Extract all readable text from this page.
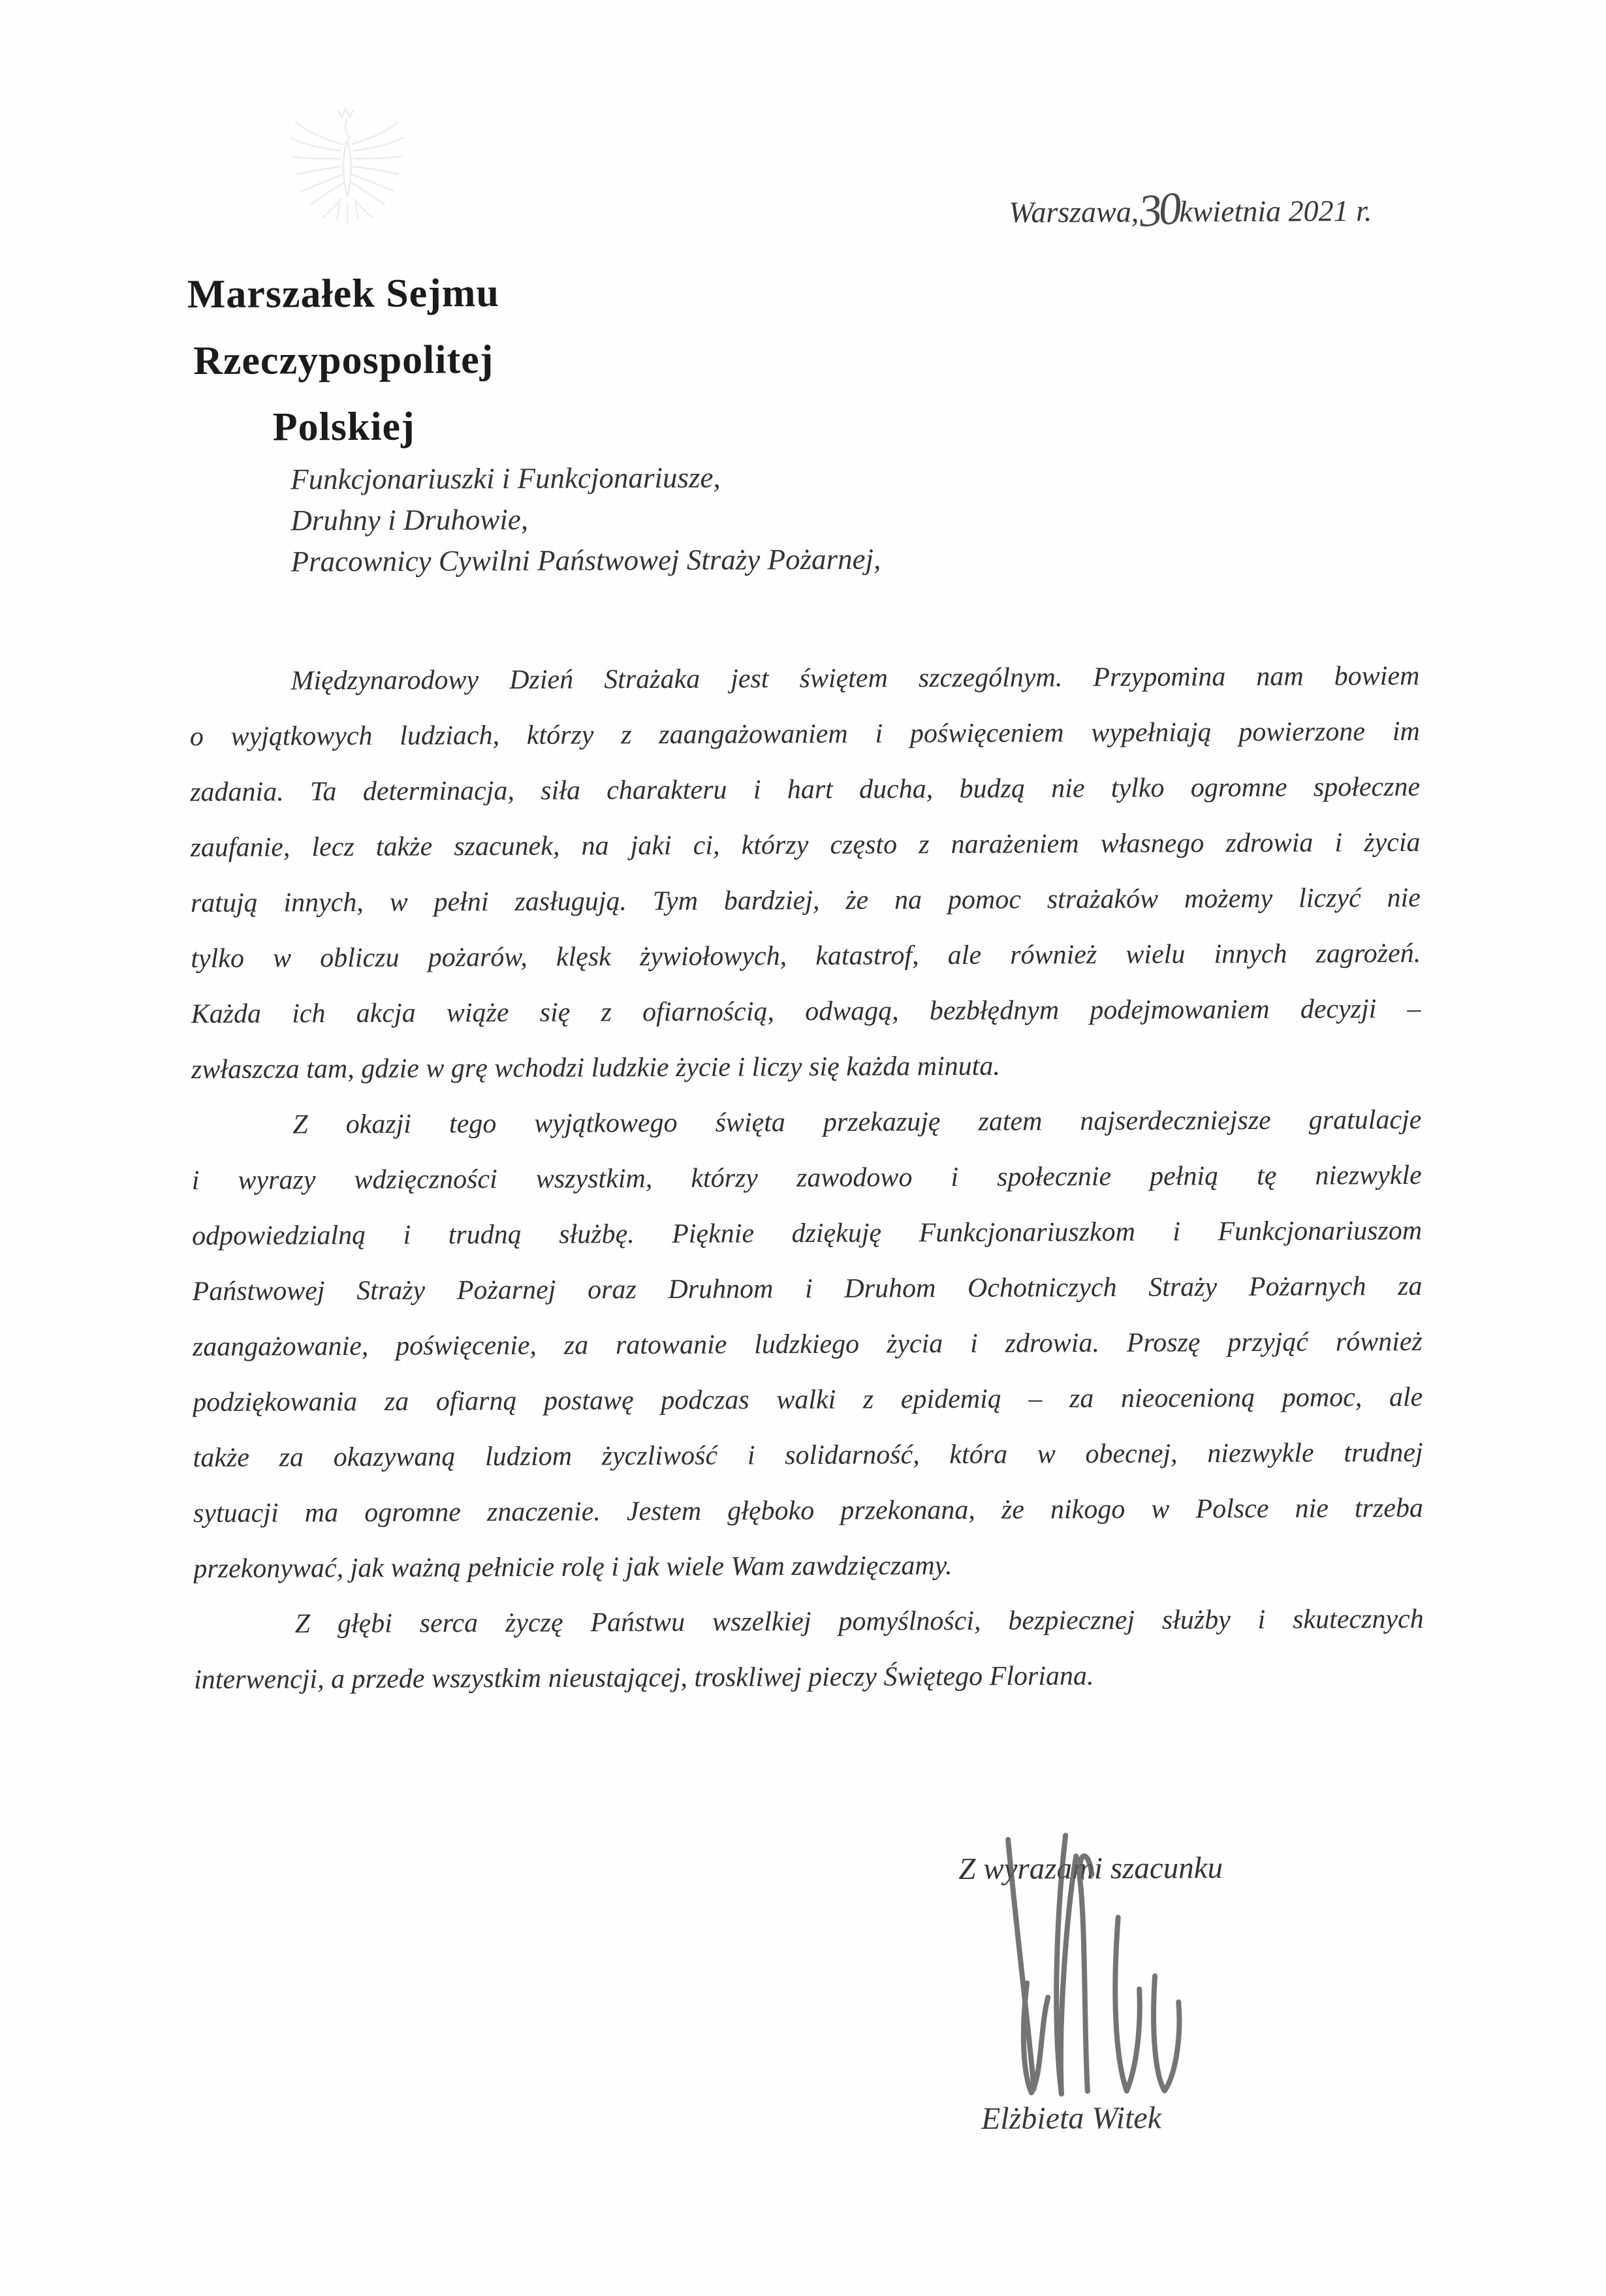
Marszałek Sejmu
Rzeczypospolitej Polskiej
Warszawa,30kwietnia 2021 r.
Funkcjonariuszki i Funkcjonariusze,
Druhny i Druhowie,
Pracownicy Cywilni Państwowej Straży Pożarnej,
Międzynarodowy Dzień Strażaka jest świętem szczególnym. Przypomina nam bowiem
o wyjątkowych ludziach, którzy z zaangażowaniem i poświęceniem wypełniają powierzone im
zadania. Ta determinacja, siła charakteru i hart ducha, budzą nie tylko ogromne społeczne
zaufanie, lecz także szacunek, na jaki ci, którzy często z narażeniem własnego zdrowia i życia
ratują innych, w pełni zasługują. Tym bardziej, że na pomoc strażaków możemy liczyć nie
tylko w obliczu pożarów, klęsk żywiołowych, katastrof, ale również wielu innych zagrożeń.
Każda ich akcja wiąże się z ofiarnością, odwagą, bezbłędnym podejmowaniem decyzji –
zwłaszcza tam, gdzie w grę wchodzi ludzkie życie i liczy się każda minuta.
Z okazji tego wyjątkowego święta przekazuję zatem najserdeczniejsze gratulacje
i wyrazy wdzięczności wszystkim, którzy zawodowo i społecznie pełnią tę niezwykle
odpowiedzialną i trudną służbę. Pięknie dziękuję Funkcjonariuszkom i Funkcjonariuszom
Państwowej Straży Pożarnej oraz Druhnom i Druhom Ochotniczych Straży Pożarnych za
zaangażowanie, poświęcenie, za ratowanie ludzkiego życia i zdrowia. Proszę przyjąć również
podziękowania za ofiarną postawę podczas walki z epidemią – za nieocenioną pomoc, ale
także za okazywaną ludziom życzliwość i solidarność, która w obecnej, niezwykle trudnej
sytuacji ma ogromne znaczenie. Jestem głęboko przekonana, że nikogo w Polsce nie trzeba
przekonywać, jak ważną pełnicie rolę i jak wiele Wam zawdzięczamy.
Z głębi serca życzę Państwu wszelkiej pomyślności, bezpiecznej służby i skutecznych
interwencji, a przede wszystkim nieustającej, troskliwej pieczy Świętego Floriana.
Z wyrazami szacunku
Elżbieta Witek
